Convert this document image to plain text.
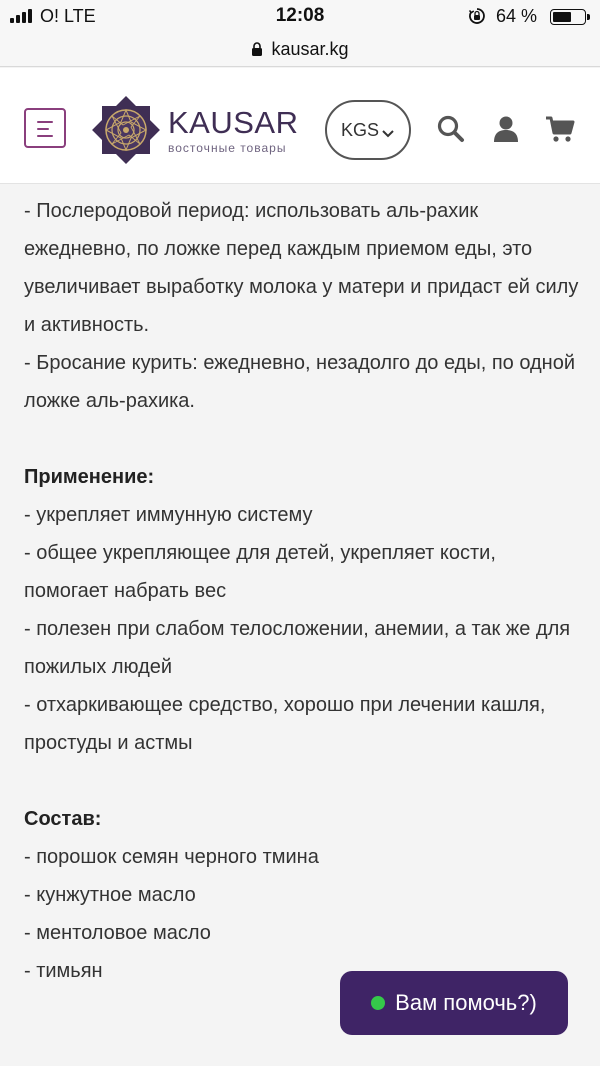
O! LTE	12:08	64 %
kausar.kg
KAUSAR
восточные товары
KGS

- Послеродовой период: использовать аль-рахик ежедневно, по ложке перед каждым приемом еды, это увеличивает выработку молока у матери и придаст ей силу и активность.

- Бросание курить: ежедневно, незадолго до еды, по одной ложке аль-рахика.

Применение:

- укрепляет иммунную систему

- общее укрепляющее для детей, укрепляет кости, помогает набрать вес

- полезен при слабом телосложении, анемии, а так же для пожилых людей

- отхаркивающее средство, хорошо при лечении кашля, простуды и астмы

Состав:

- порошок семян черного тмина

- кунжутное масло

- ментоловое масло

- тимьян

Вам помочь?)
